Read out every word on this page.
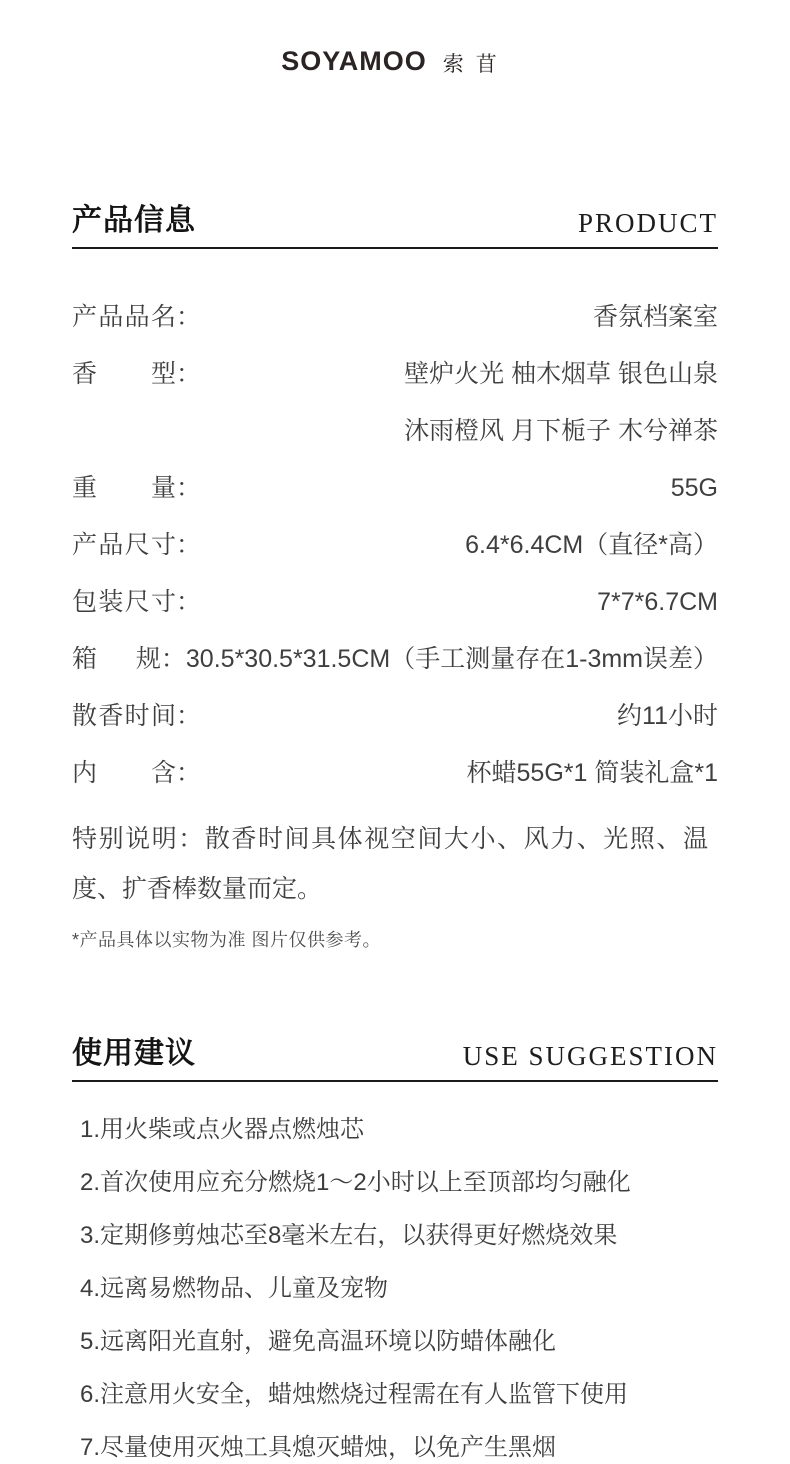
SOYAMOO 索苜
产品信息	PRODUCT
产品品名 ：	香氛档案室
香型 ：	壁炉火光 柚木烟草 银色山泉
沐雨橙风 月下栀子 木兮禅茶
重量 ：	55G
产品尺寸 ：	6.4*6.4CM（直径*高）
包装尺寸 ：	7*7*6.7CM
箱规 ： 30.5*30.5*31.5CM（手工测量存在1-3mm误差）
散香时间 ：	约11小时
内含 ：	杯蜡55G*1 简装礼盒*1

特别说明：散香时间具体视空间大小、风力、光照、温度、扩香棒数量而定。

*产品具体以实物为准 图片仅供参考。

使用建议	USE SUGGESTION
1.用火柴或点火器点燃烛芯
2.首次使用应充分燃烧1～2小时以上至顶部均匀融化
3.定期修剪烛芯至8毫米左右，以获得更好燃烧效果
4.远离易燃物品、儿童及宠物
5.远离阳光直射，避免高温环境以防蜡体融化
6.注意用火安全，蜡烛燃烧过程需在有人监管下使用
7.尽量使用灭烛工具熄灭蜡烛，以免产生黑烟
